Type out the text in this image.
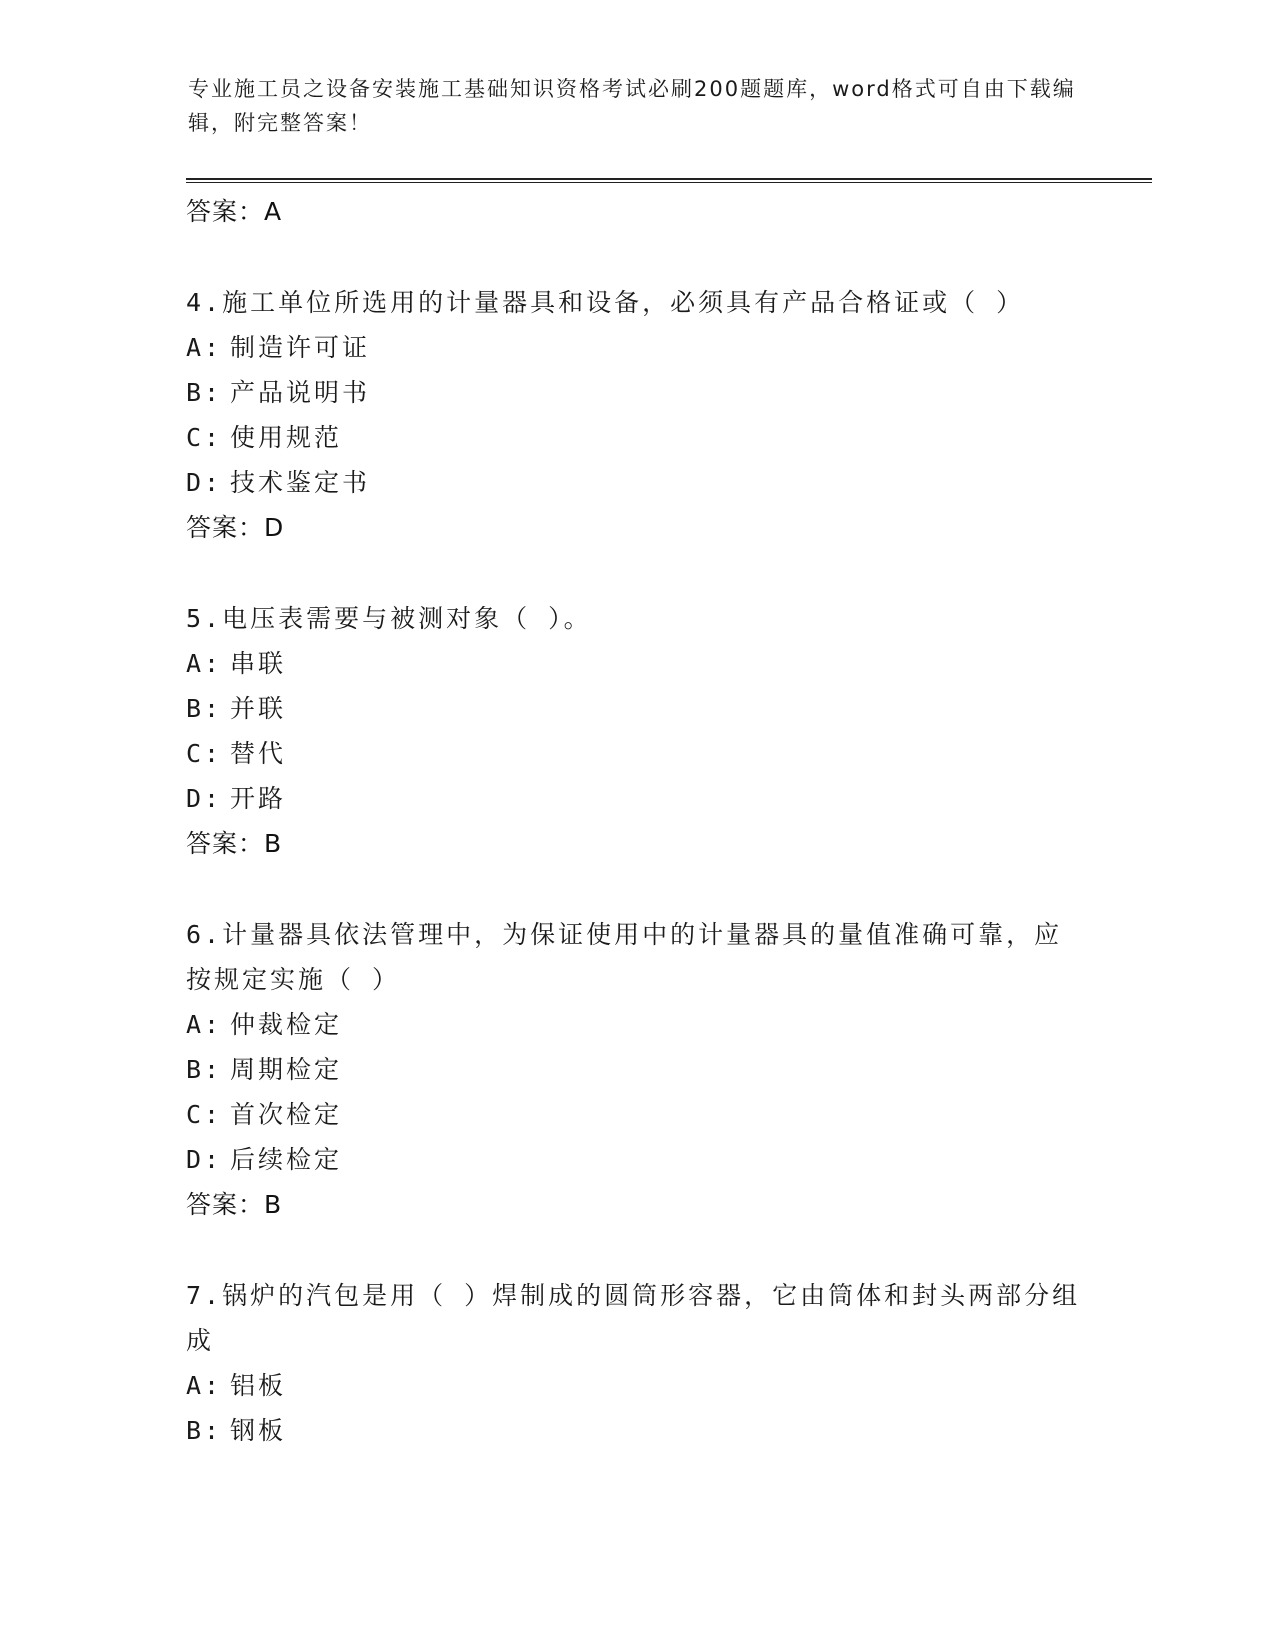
专业施工员之设备安装施工基础知识资格考试必刷200题题库，word格式可自由下载编辑，附完整答案！
答案：A
4.施工单位所选用的计量器具和设备，必须具有产品合格证或（ ）
A: 制造许可证
B: 产品说明书
C: 使用规范
D: 技术鉴定书
答案：D
5.电压表需要与被测对象（ ）。
A: 串联
B: 并联
C: 替代
D: 开路
答案：B
6.计量器具依法管理中，为保证使用中的计量器具的量值准确可靠，应按规定实施（ ）
A: 仲裁检定
B: 周期检定
C: 首次检定
D: 后续检定
答案：B
7.锅炉的汽包是用（ ）焊制成的圆筒形容器，它由筒体和封头两部分组成
A: 铝板
B: 钢板
